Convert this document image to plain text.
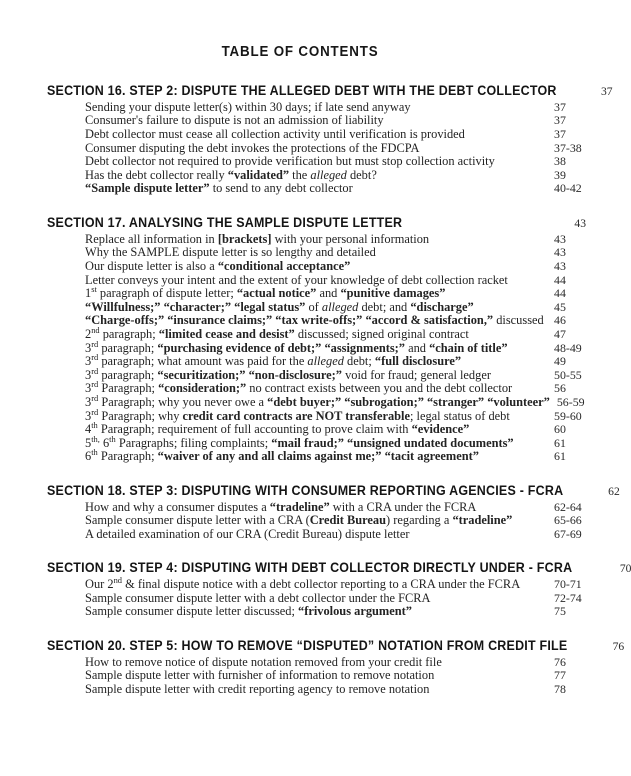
TABLE OF CONTENTS
SECTION 16. STEP 2: DISPUTE THE ALLEGED DEBT WITH THE DEBT COLLECTOR	37
Sending your dispute letter(s) within 30 days; if late send anyway	37
Consumer's failure to dispute is not an admission of liability	37
Debt collector must cease all collection activity until verification is provided	37
Consumer disputing the debt invokes the protections of the FDCPA	37-38
Debt collector not required to provide verification but must stop collection activity	38
Has the debt collector really “validated” the alleged debt?	39
“Sample dispute letter” to send to any debt collector	40-42
SECTION 17. ANALYSING THE SAMPLE DISPUTE LETTER	43
Replace all information in [brackets] with your personal information	43
Why the SAMPLE dispute letter is so lengthy and detailed	43
Our dispute letter is also a “conditional acceptance”	43
Letter conveys your intent and the extent of your knowledge of debt collection racket	44
1st paragraph of dispute letter; “actual notice” and “punitive damages”	44
“Willfulness;” “character;” “legal status” of alleged debt; and “discharge”	45
“Charge-offs;” “insurance claims;” “tax write-offs;” “accord & satisfaction,” discussed 46
2nd paragraph; “limited cease and desist” discussed; signed original contract	47
3rd paragraph; “purchasing evidence of debt;” “assignments;” and “chain of title”	48-49
3rd paragraph; what amount was paid for the alleged debt; “full disclosure”	49
3rd paragraph; “securitization;” “non-disclosure;” void for fraud; general ledger	50-55
3rd Paragraph; “consideration;” no contract exists between you and the debt collector	56
3rd Paragraph; why you never owe a “debt buyer;” “subrogation;” “stranger” “volunteer” 56-59
3rd Paragraph; why credit card contracts are NOT transferable; legal status of debt	59-60
4th Paragraph; requirement of full accounting to prove claim with “evidence”	60
$5^{th,}$ 6th Paragraphs; filing complaints; “mail fraud;” “unsigned undated documents”	61
6th Paragraph; “waiver of any and all claims against me;” “tacit agreement”	61
SECTION 18. STEP 3: DISPUTING WITH CONSUMER REPORTING AGENCIES - FCRA	62
How and why a consumer disputes a “tradeline” with a CRA under the FCRA	62-64
Sample consumer dispute letter with a CRA (Credit Bureau) regarding a “tradeline”	65-66
A detailed examination of our CRA (Credit Bureau) dispute letter	67-69
SECTION 19. STEP 4: DISPUTING WITH DEBT COLLECTOR DIRECTLY UNDER - FCRA	70
Our 2nd & final dispute notice with a debt collector reporting to a CRA under the FCRA	70-71
Sample consumer dispute letter with a debt collector under the FCRA	72-74
Sample consumer dispute letter discussed; “frivolous argument”	75
SECTION 20. STEP 5: HOW TO REMOVE “DISPUTED” NOTATION FROM CREDIT FILE	76
How to remove notice of dispute notation removed from your credit file	76
Sample dispute letter with furnisher of information to remove notation	77
Sample dispute letter with credit reporting agency to remove notation	78
